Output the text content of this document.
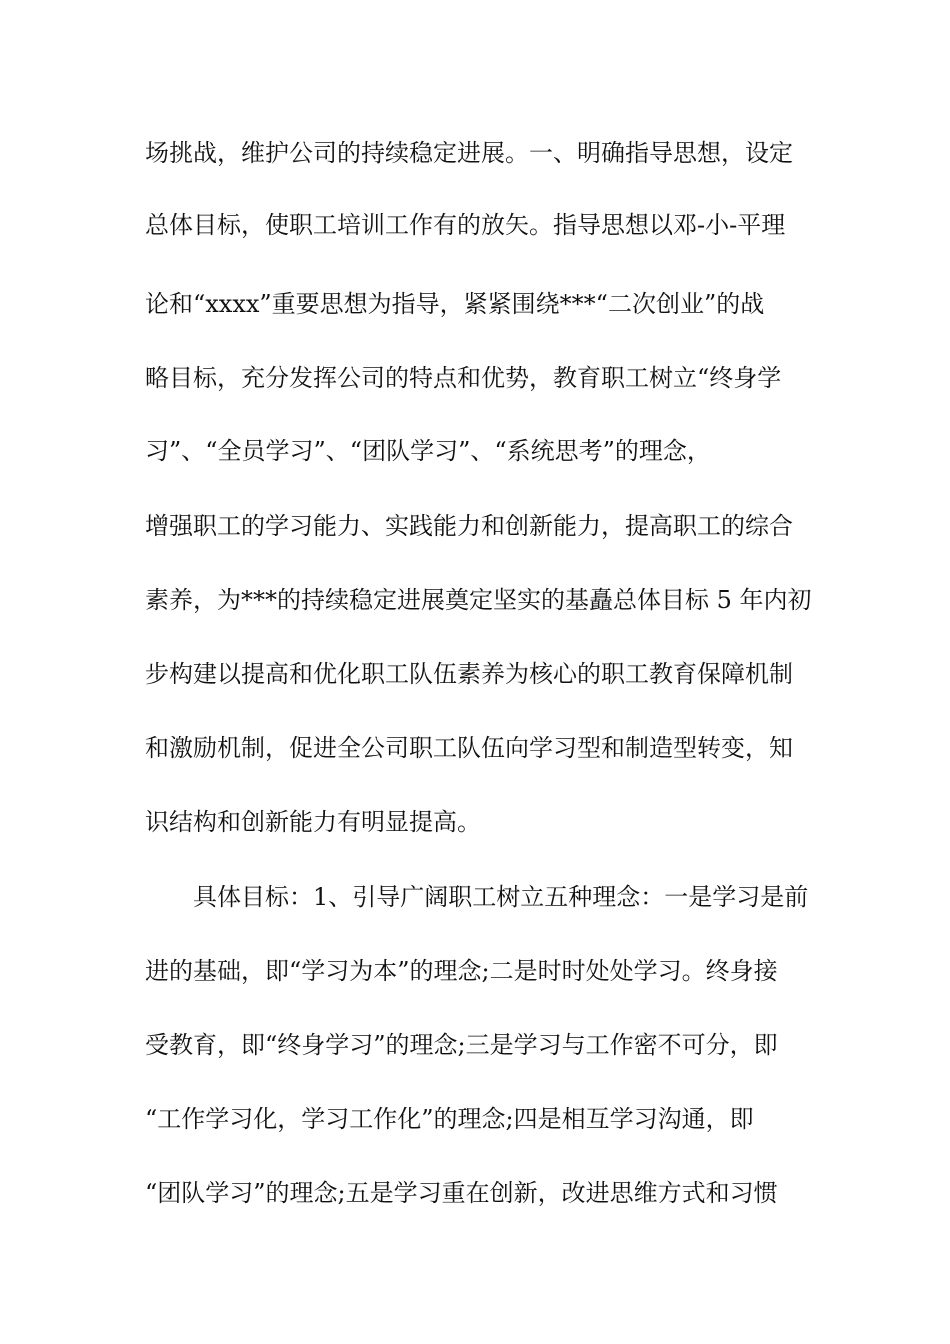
场挑战，维护公司的持续稳定进展。一、明确指导思想，设定
总体目标，使职工培训工作有的放矢。指导思想以邓-小-平理
论和“xxxx”重要思想为指导，紧紧围绕***“二次创业”的战
略目标，充分发挥公司的特点和优势，教育职工树立“终身学
习”、“全员学习”、“团队学习”、“系统思考”的理念，
增强职工的学习能力、实践能力和创新能力，提高职工的综合
素养，为***的持续稳定进展奠定坚实的基矗总体目标 5 年内初
步构建以提高和优化职工队伍素养为核心的职工教育保障机制
和激励机制，促进全公司职工队伍向学习型和制造型转变，知
识结构和创新能力有明显提高。
具体目标：1、引导广阔职工树立五种理念：一是学习是前
进的基础，即“学习为本”的理念;二是时时处处学习。终身接
受教育，即“终身学习”的理念;三是学习与工作密不可分，即
“工作学习化，学习工作化”的理念;四是相互学习沟通，即
“团队学习”的理念;五是学习重在创新，改进思维方式和习惯
